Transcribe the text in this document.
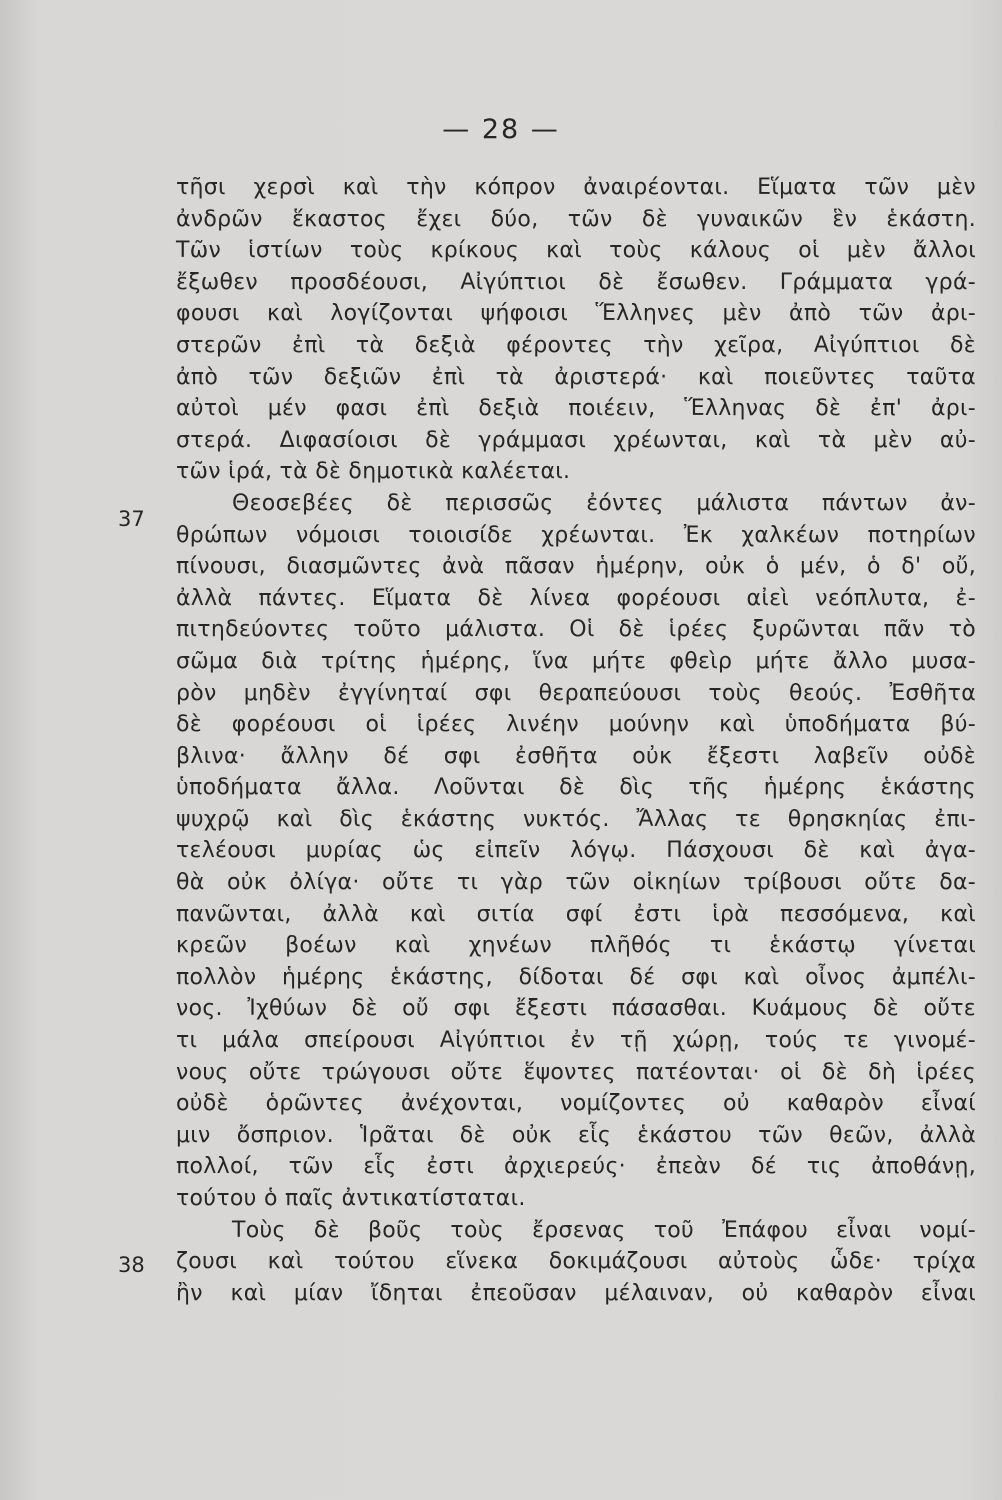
— 28 —
37
38
τῆσι χερσὶ καὶ τὴν κόπρον ἀναιρέονται. Εἵματα τῶν μὲν
ἀνδρῶν ἕκαστος ἔχει δύο, τῶν δὲ γυναικῶν ἓν ἑκάστη.
Τῶν ἱστίων τοὺς κρίκους καὶ τοὺς κάλους οἱ μὲν ἄλλοι
ἔξωθεν προσδέουσι, Αἰγύπτιοι δὲ ἔσωθεν. Γράμματα γρά-
φουσι καὶ λογίζονται ψήφοισι Ἕλληνες μὲν ἀπὸ τῶν ἀρι-
στερῶν ἐπὶ τὰ δεξιὰ φέροντες τὴν χεῖρα, Αἰγύπτιοι δὲ
ἀπὸ τῶν δεξιῶν ἐπὶ τὰ ἀριστερά· καὶ ποιεῦντες ταῦτα
αὐτοὶ μέν φασι ἐπὶ δεξιὰ ποιέειν, Ἕλληνας δὲ ἐπ' ἀρι-
στερά. Διφασίοισι δὲ γράμμασι χρέωνται, καὶ τὰ μὲν αὐ-
τῶν ἱρά, τὰ δὲ δημοτικὰ καλέεται.
Θεοσεβέες δὲ περισσῶς ἐόντες μάλιστα πάντων ἀν-
θρώπων νόμοισι τοιοισίδε χρέωνται. Ἐκ χαλκέων ποτηρίων
πίνουσι, διασμῶντες ἀνὰ πᾶσαν ἡμέρην, οὐκ ὁ μέν, ὁ δ' οὔ,
ἀλλὰ πάντες. Εἵματα δὲ λίνεα φορέουσι αἰεὶ νεόπλυτα, ἐ-
πιτηδεύοντες τοῦτο μάλιστα. Οἱ δὲ ἱρέες ξυρῶνται πᾶν τὸ
σῶμα διὰ τρίτης ἡμέρης, ἵνα μήτε φθεὶρ μήτε ἄλλο μυσα-
ρὸν μηδὲν ἐγγίνηταί σφι θεραπεύουσι τοὺς θεούς. Ἐσθῆτα
δὲ φορέουσι οἱ ἱρέες λινέην μούνην καὶ ὑποδήματα βύ-
βλινα· ἄλλην δέ σφι ἐσθῆτα οὐκ ἔξεστι λαβεῖν οὐδὲ
ὑποδήματα ἄλλα. Λοῦνται δὲ δὶς τῆς ἡμέρης ἑκάστης
ψυχρῷ καὶ δὶς ἑκάστης νυκτός. Ἄλλας τε θρησκηίας ἐπι-
τελέουσι μυρίας ὡς εἰπεῖν λόγῳ. Πάσχουσι δὲ καὶ ἀγα-
θὰ οὐκ ὀλίγα· οὔτε τι γὰρ τῶν οἰκηίων τρίβουσι οὔτε δα-
πανῶνται, ἀλλὰ καὶ σιτία σφί ἐστι ἱρὰ πεσσόμενα, καὶ
κρεῶν βοέων καὶ χηνέων πλῆθός τι ἑκάστῳ γίνεται
πολλὸν ἡμέρης ἑκάστης, δίδοται δέ σφι καὶ οἶνος ἀμπέλι-
νος. Ἰχθύων δὲ οὔ σφι ἔξεστι πάσασθαι. Κυάμους δὲ οὔτε
τι μάλα σπείρουσι Αἰγύπτιοι ἐν τῇ χώρῃ, τούς τε γινομέ-
νους οὔτε τρώγουσι οὔτε ἕψοντες πατέονται· οἱ δὲ δὴ ἱρέες
οὐδὲ ὁρῶντες ἀνέχονται, νομίζοντες οὐ καθαρὸν εἶναί
μιν ὄσπριον. Ἱρᾶται δὲ οὐκ εἷς ἑκάστου τῶν θεῶν, ἀλλὰ
πολλοί, τῶν εἷς ἐστι ἀρχιερεύς· ἐπεὰν δέ τις ἀποθάνῃ,
τούτου ὁ παῖς ἀντικατίσταται.
Τοὺς δὲ βοῦς τοὺς ἔρσενας τοῦ Ἐπάφου εἶναι νομί-
ζουσι καὶ τούτου εἵνεκα δοκιμάζουσι αὐτοὺς ὧδε· τρίχα
ἢν καὶ μίαν ἴδηται ἐπεοῦσαν μέλαιναν, οὐ καθαρὸν εἶναι
